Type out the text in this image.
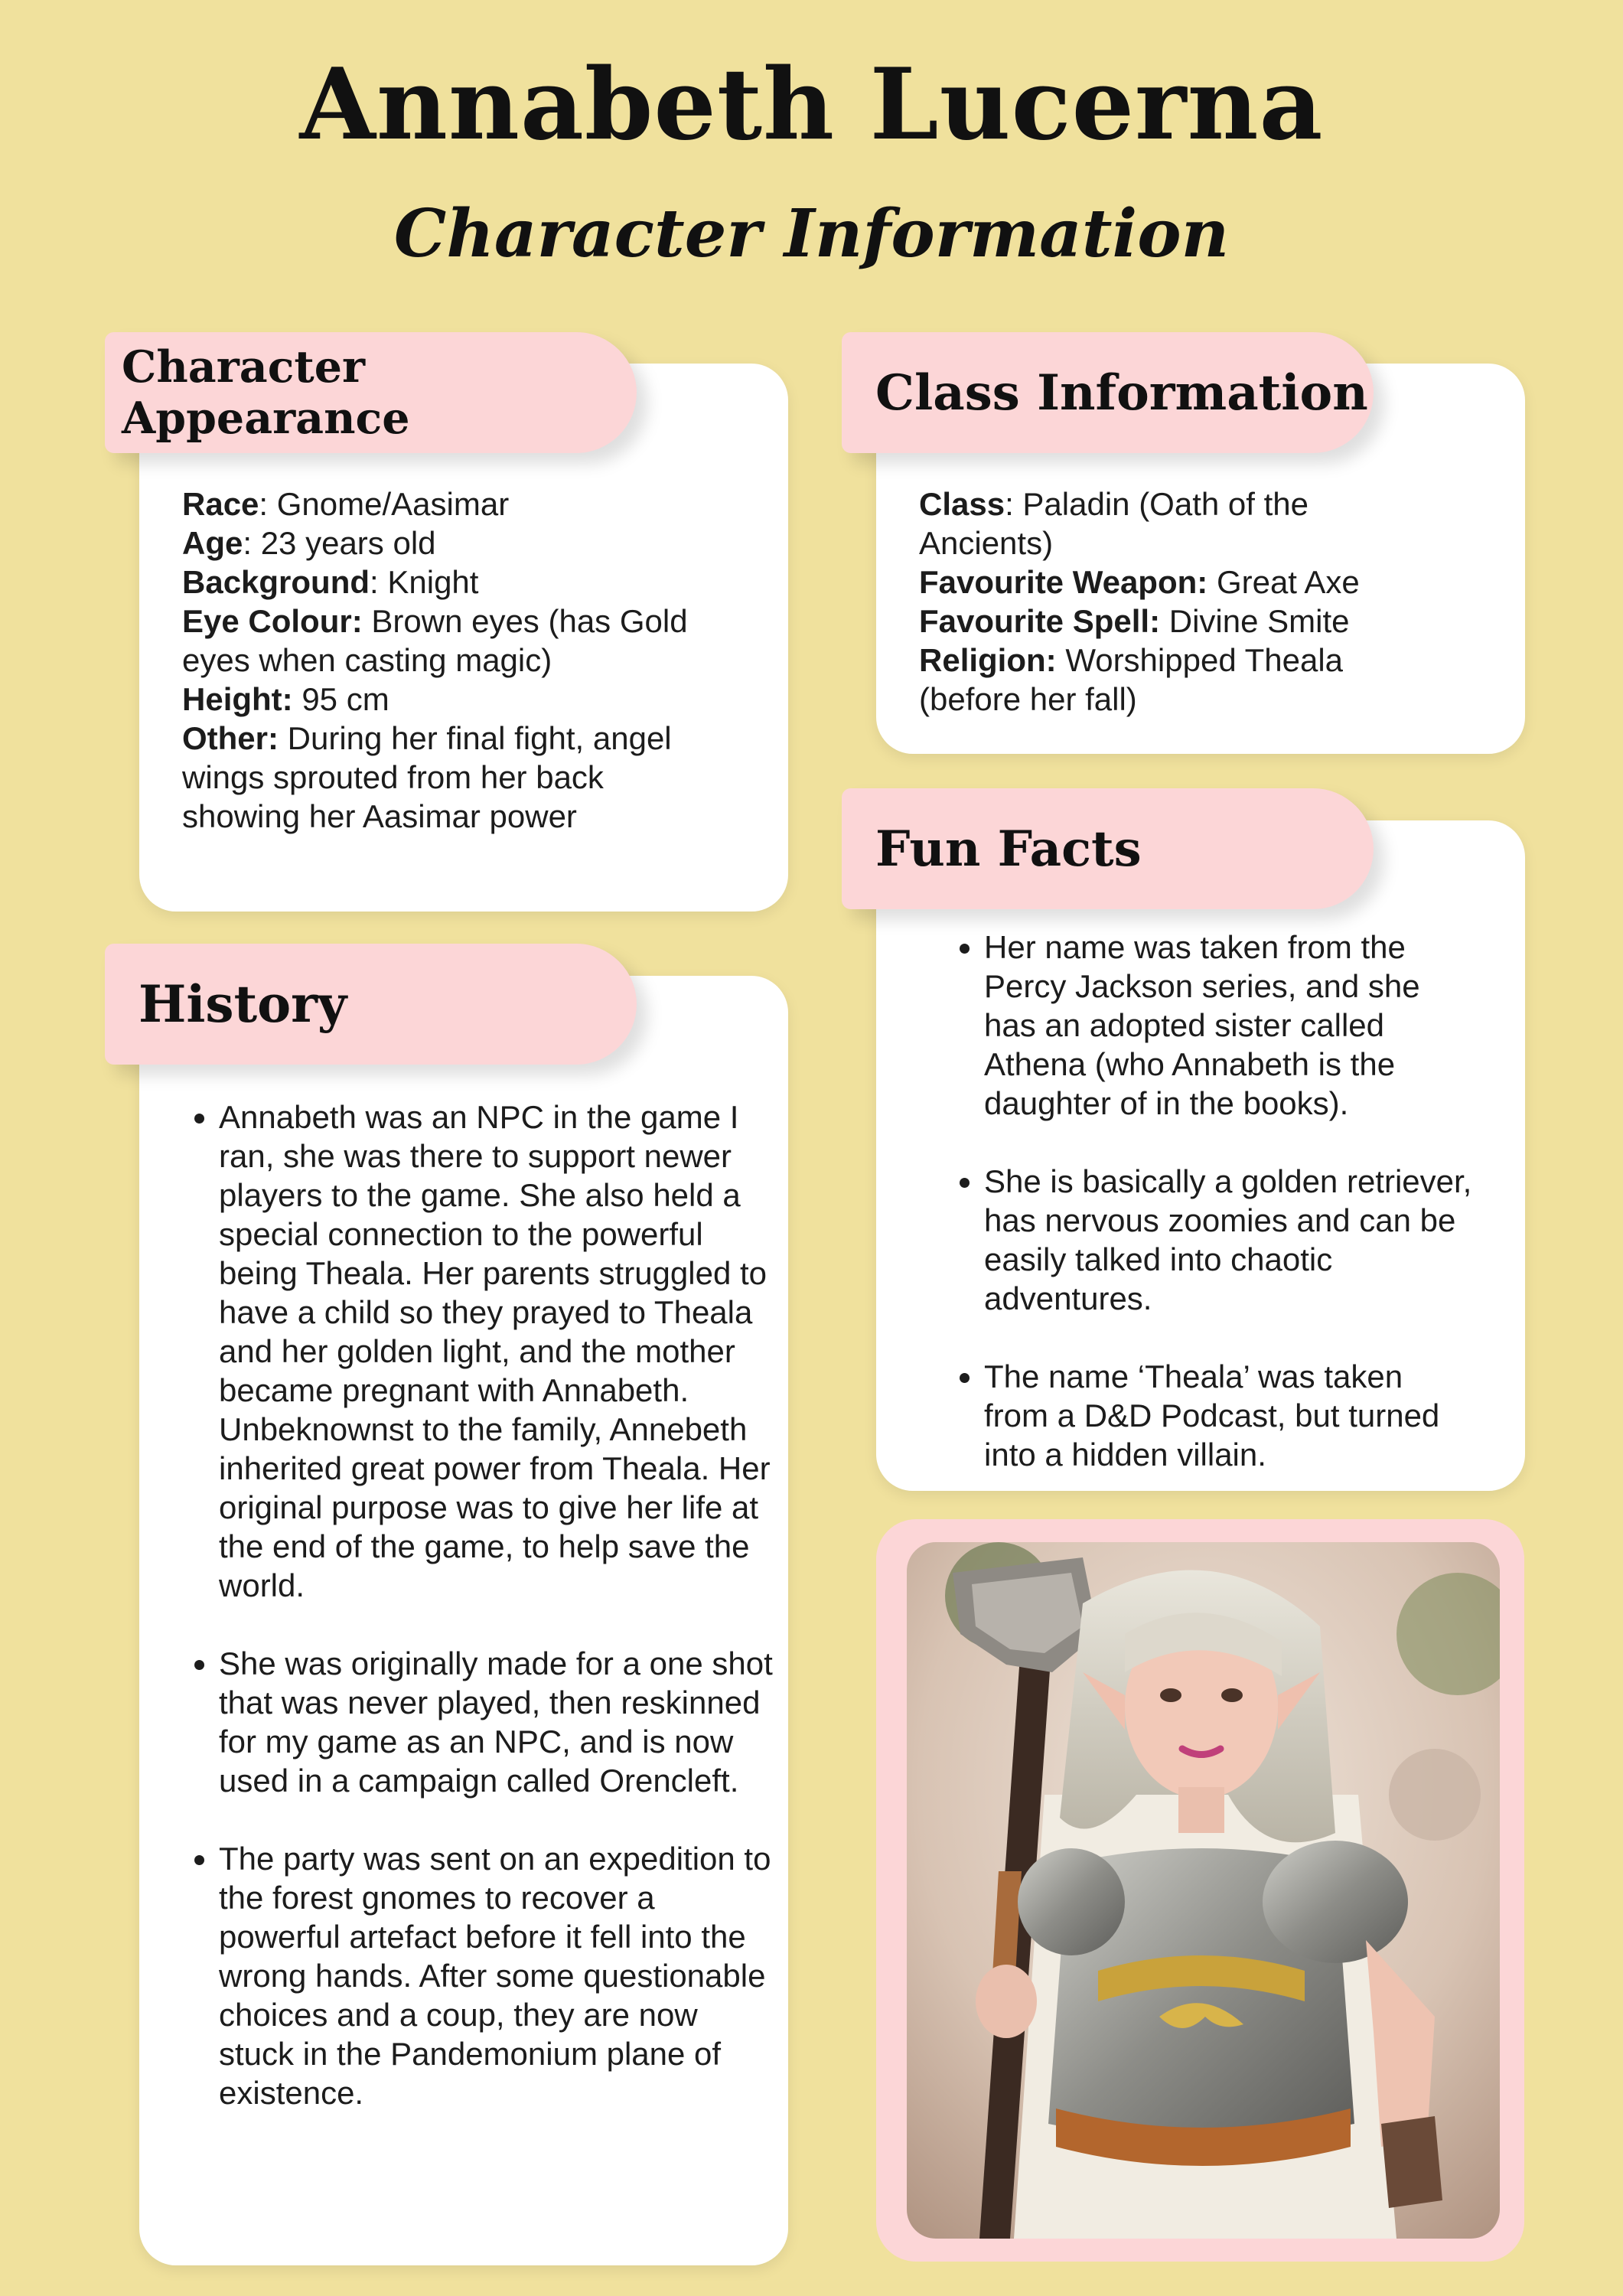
Annabeth Lucerna
Character Information
Character Appearance

Race: Gnome/Aasimar

Age: 23 years old

Background: Knight

Eye Colour: Brown eyes (has Gold eyes when casting magic)

Height: 95 cm

Other: During her final fight, angel wings sprouted from her back showing her Aasimar power

Class Information

Class: Paladin (Oath of the Ancients)

Favourite Weapon: Great Axe

Favourite Spell: Divine Smite

Religion: Worshipped Theala (before her fall)

Fun Facts
• Her name was taken from the Percy Jackson series, and she has an adopted sister called Athena (who Annabeth is the daughter of in the books).
• She is basically a golden retriever, has nervous zoomies and can be easily talked into chaotic adventures.
• The name ‘Theala’ was taken from a D&D Podcast, but turned into a hidden villain.
History
• Annabeth was an NPC in the game I ran, she was there to support newer players to the game. She also held a special connection to the powerful being Theala. Her parents struggled to have a child so they prayed to Theala and her golden light, and the mother became pregnant with Annabeth. Unbeknownst to the family, Annebeth inherited great power from Theala. Her original purpose was to give her life at the end of the game, to help save the world.
• She was originally made for a one shot that was never played, then reskinned for my game as an NPC, and is now used in a campaign called Orencleft.
• The party was sent on an expedition to the forest gnomes to recover a powerful artefact before it fell into the wrong hands. After some questionable choices and a coup, they are now stuck in the Pandemonium plane of existence.
